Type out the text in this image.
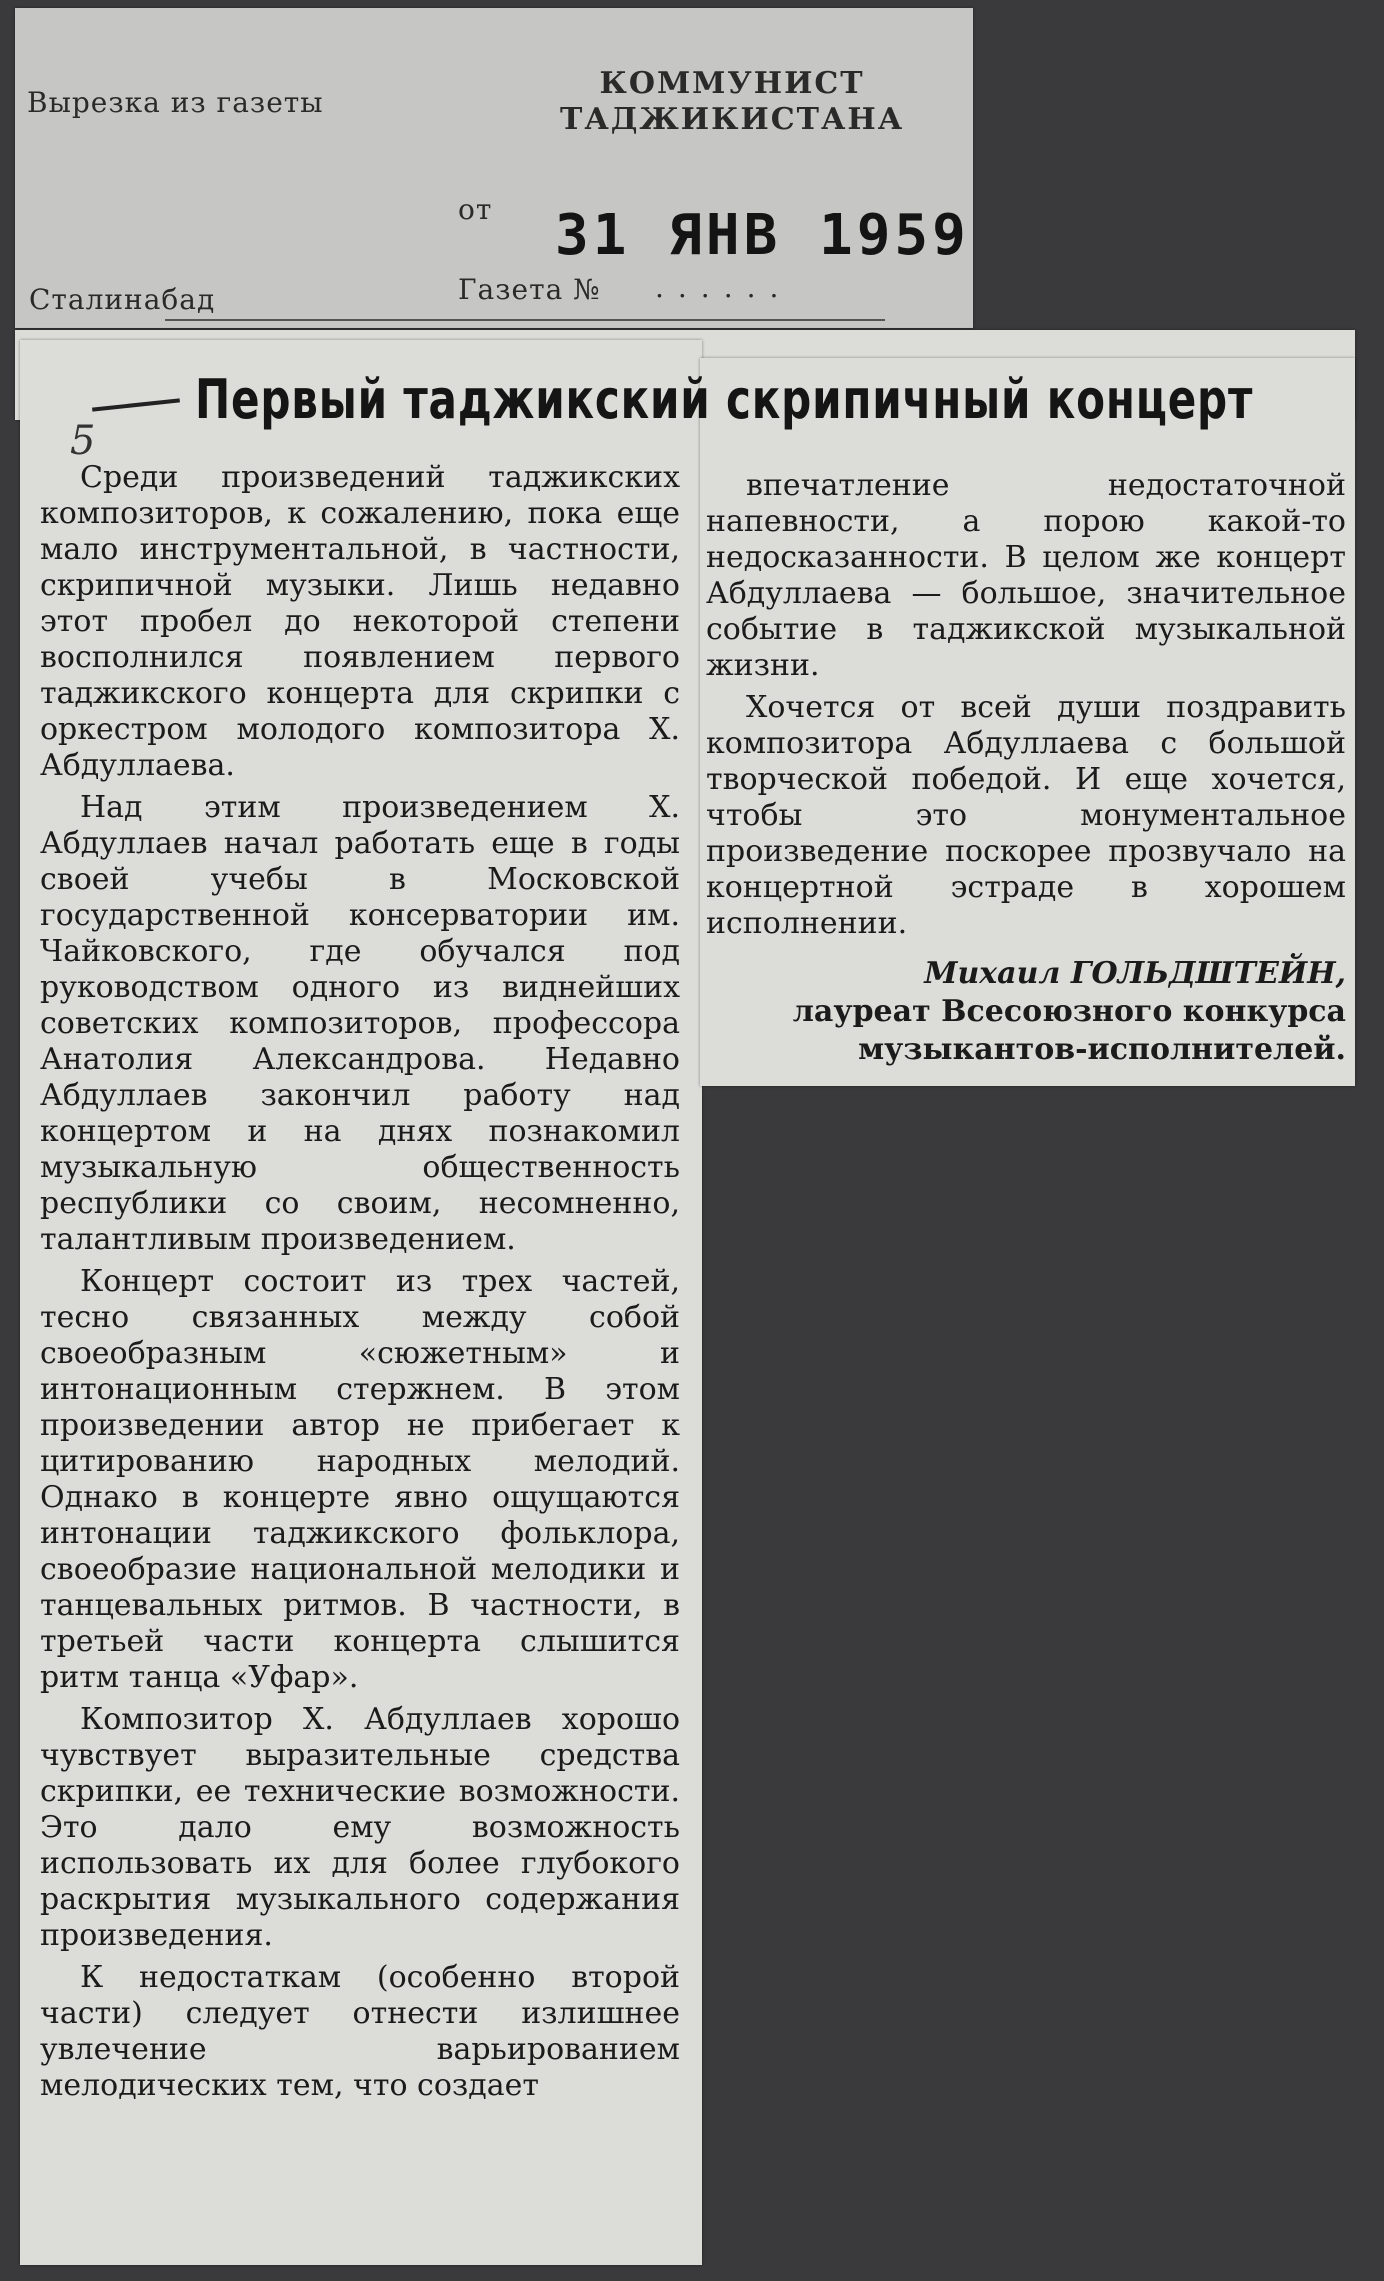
Вырезка из газеты
КОММУНИСТ
ТАДЖИКИСТАНА
от 31 ЯНВ 1959
Сталинабад	Газета № ......
5
Первый таджикский скрипичный концерт

Среди произведений таджикских композиторов, к сожалению, пока еще мало инструментальной, в частности, скрипичной музыки. Лишь недавно этот пробел до некоторой степени восполнился появлением первого таджикского концерта для скрипки с оркестром молодого композитора Х. Абдуллаева.

Над этим произведением Х. Абдуллаев начал работать еще в годы своей учебы в Московской государственной консерватории им. Чайковского, где обучался под руководством одного из виднейших советских композиторов, профессора Анатолия Александрова. Недавно Абдуллаев закончил работу над концертом и на днях познакомил музыкальную общественность республики со своим, несомненно, талантливым произведением.

Концерт состоит из трех частей, тесно связанных между собой своеобразным «сюжетным» и интонационным стержнем. В этом произведении автор не прибегает к цитированию народных мелодий. Однако в концерте явно ощущаются интонации таджикского фольклора, своеобразие национальной мелодики и танцевальных ритмов. В частности, в третьей части концерта слышится ритм танца «Уфар».

Композитор Х. Абдуллаев хорошо чувствует выразительные средства скрипки, ее технические возможности. Это дало ему возможность использовать их для более глубокого раскрытия музыкального содержания произведения.

К недостаткам (особенно второй части) следует отнести излишнее увлечение варьированием мелодических тем, что создает

впечатление недостаточной напевности, а порою какой-то недосказанности. В целом же концерт Абдуллаева — большое, значительное событие в таджикской музыкальной жизни.

Хочется от всей души поздравить композитора Абдуллаева с большой творческой победой. И еще хочется, чтобы это монументальное произведение поскорее прозвучало на концертной эстраде в хорошем исполнении.

Михаил ГОЛЬДШТЕЙН,
лауреат Всесоюзного конкурса
музыкантов-исполнителей.
